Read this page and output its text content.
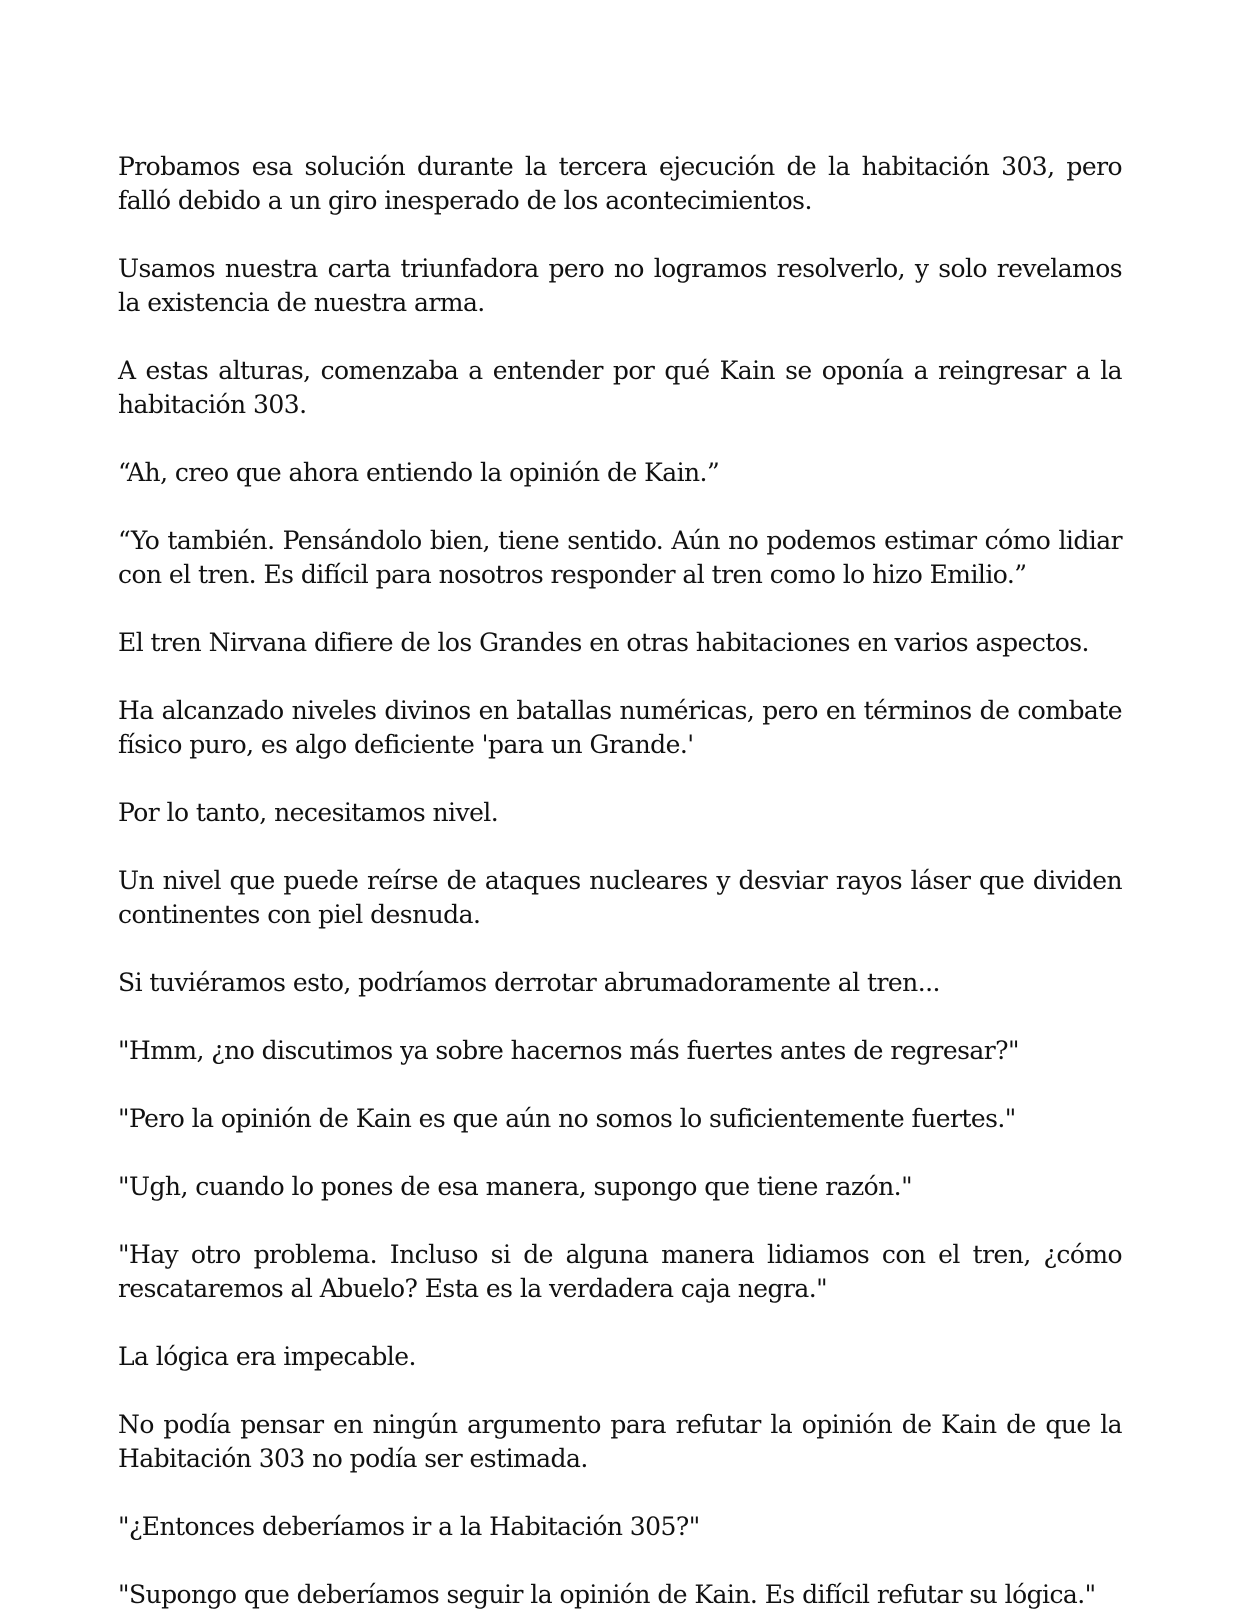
Probamos esa solución durante la tercera ejecución de la habitación 303, pero falló debido a un giro inesperado de los acontecimientos.

Usamos nuestra carta triunfadora pero no logramos resolverlo, y solo revelamos la existencia de nuestra arma.

A estas alturas, comenzaba a entender por qué Kain se oponía a reingresar a la habitación 303.

“Ah, creo que ahora entiendo la opinión de Kain.”

“Yo también. Pensándolo bien, tiene sentido. Aún no podemos estimar cómo lidiar con el tren. Es difícil para nosotros responder al tren como lo hizo Emilio.”

El tren Nirvana difiere de los Grandes en otras habitaciones en varios aspectos.

Ha alcanzado niveles divinos en batallas numéricas, pero en términos de combate físico puro, es algo deficiente 'para un Grande.'

Por lo tanto, necesitamos nivel.

Un nivel que puede reírse de ataques nucleares y desviar rayos láser que dividen continentes con piel desnuda.

Si tuviéramos esto, podríamos derrotar abrumadoramente al tren...

"Hmm, ¿no discutimos ya sobre hacernos más fuertes antes de regresar?"

"Pero la opinión de Kain es que aún no somos lo suficientemente fuertes."

"Ugh, cuando lo pones de esa manera, supongo que tiene razón."

"Hay otro problema. Incluso si de alguna manera lidiamos con el tren, ¿cómo rescataremos al Abuelo? Esta es la verdadera caja negra."

La lógica era impecable.

No podía pensar en ningún argumento para refutar la opinión de Kain de que la Habitación 303 no podía ser estimada.

"¿Entonces deberíamos ir a la Habitación 305?"

"Supongo que deberíamos seguir la opinión de Kain. Es difícil refutar su lógica."
